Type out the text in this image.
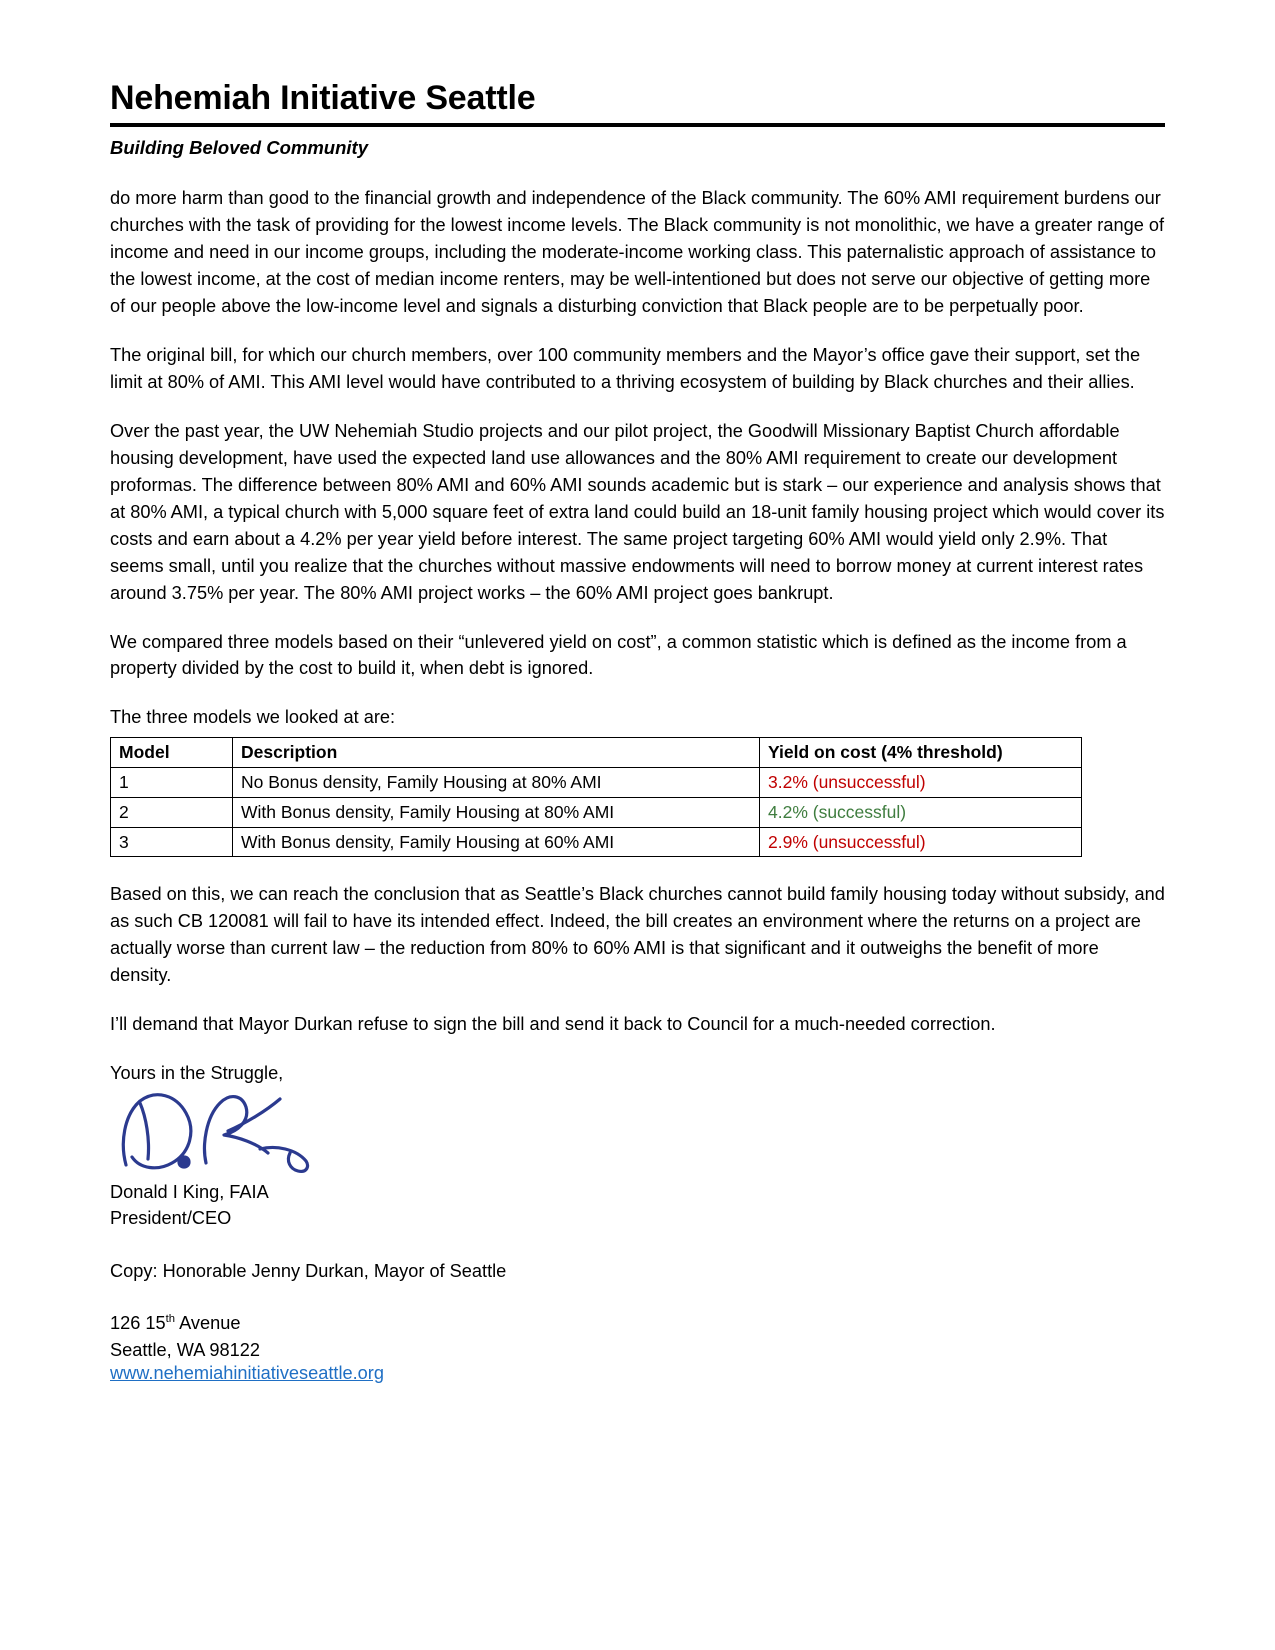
Nehemiah Initiative Seattle
Building Beloved Community

do more harm than good to the financial growth and independence of the Black community. The 60% AMI requirement burdens our churches with the task of providing for the lowest income levels. The Black community is not monolithic, we have a greater range of income and need in our income groups, including the moderate-income working class. This paternalistic approach of assistance to the lowest income, at the cost of median income renters, may be well-intentioned but does not serve our objective of getting more of our people above the low-income level and signals a disturbing conviction that Black people are to be perpetually poor.

The original bill, for which our church members, over 100 community members and the Mayor’s office gave their support, set the limit at 80% of AMI. This AMI level would have contributed to a thriving ecosystem of building by Black churches and their allies.

Over the past year, the UW Nehemiah Studio projects and our pilot project, the Goodwill Missionary Baptist Church affordable housing development, have used the expected land use allowances and the 80% AMI requirement to create our development proformas. The difference between 80% AMI and 60% AMI sounds academic but is stark – our experience and analysis shows that at 80% AMI, a typical church with 5,000 square feet of extra land could build an 18-unit family housing project which would cover its costs and earn about a 4.2% per year yield before interest. The same project targeting 60% AMI would yield only 2.9%. That seems small, until you realize that the churches without massive endowments will need to borrow money at current interest rates around 3.75% per year. The 80% AMI project works – the 60% AMI project goes bankrupt.

We compared three models based on their “unlevered yield on cost”, a common statistic which is defined as the income from a property divided by the cost to build it, when debt is ignored.

The three models we looked at are:

Model	Description	Yield on cost (4% threshold)
1	No Bonus density, Family Housing at 80% AMI	3.2% (unsuccessful)
2	With Bonus density, Family Housing at 80% AMI	4.2% (successful)
3	With Bonus density, Family Housing at 60% AMI	2.9% (unsuccessful)

Based on this, we can reach the conclusion that as Seattle’s Black churches cannot build family housing today without subsidy, and as such CB 120081 will fail to have its intended effect. Indeed, the bill creates an environment where the returns on a project are actually worse than current law – the reduction from 80% to 60% AMI is that significant and it outweighs the benefit of more density.

I’ll demand that Mayor Durkan refuse to sign the bill and send it back to Council for a much-needed correction.

Yours in the Struggle,

Donald I King, FAIA

President/CEO

Copy: Honorable Jenny Durkan, Mayor of Seattle

126 15th Avenue

Seattle, WA 98122

www.nehemiahinitiativeseattle.org
